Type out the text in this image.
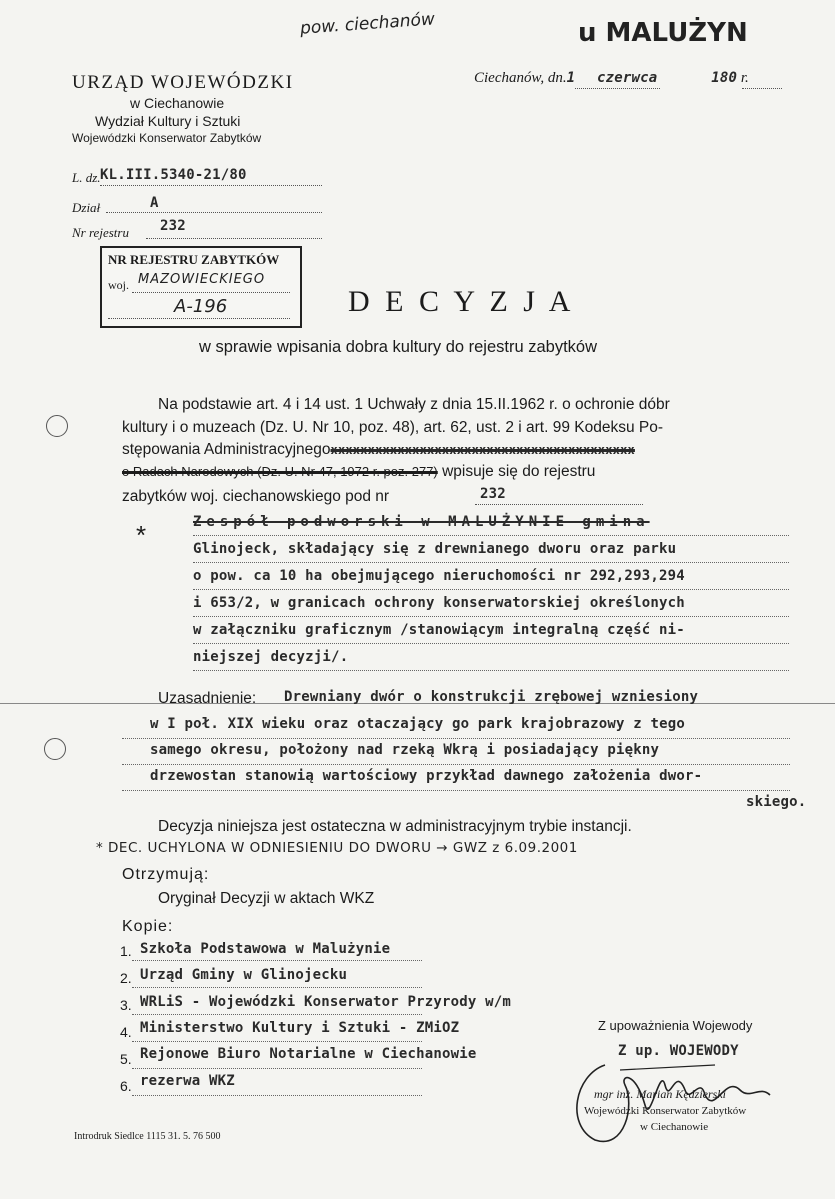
pow. ciechanów	u MALUŻYN
URZĄD WOJEWÓDZKI
w Ciechanowie
Wydział Kultury i Sztuki
Wojewódzki Konserwator Zabytków
Ciechanów, dn.1 czerwca	180 r.
L. dz. KL.III.5340-21/80
Dział	A
Nr rejestru 232
NR REJESTRU ZABYTKÓW
woj. MAZOWIECKIEGO
A-196	D E C Y Z J A
w sprawie wpisania dobra kultury do rejestru zabytków
Na podstawie art. 4 i 14 ust. 1 Uchwały z dnia 15.II.1962 r. o ochronie dóbr
kultury i o muzeach (Dz. U. Nr 10, poz. 48), art. 62, ust. 2 i art. 99 Kodeksu Po-
stępowania Administracyjnegoxxxxxxxxxxxxxxxxxxxxxxxxxxxxxxxxxxxxxxxxx
o Radach Narodowych (Dz. U. Nr 47, 1972 r. poz. 277) wpisuje się do rejestru
zabytków woj. ciechanowskiego pod nr	232
*	Zespół podworski w MALUŻYNIE gmina
Glinojeck, składający się z drewnianego dworu oraz parku
o pow. ca 10 ha obejmującego nieruchomości nr 292,293,294
i 653/2, w granicach ochrony konserwatorskiej określonych
w załączniku graficznym /stanowiącym integralną część ni-
niejszej decyzji/.
Uzasadnienie: Drewniany dwór o konstrukcji zrębowej wzniesiony
w I poł. XIX wieku oraz otaczający go park krajobrazowy z tego
samego okresu, położony nad rzeką Wkrą i posiadający piękny
drzewostan stanowią wartościowy przykład dawnego założenia dwor-
skiego.
Decyzja niniejsza jest ostateczna w administracyjnym trybie instancji.
* DEC. UCHYLONA W ODNIESIENIU DO DWORU → GWZ z 6.09.2001
Otrzymują:
Oryginał Decyzji w aktach WKZ
Kopie:
1. Szkoła Podstawowa w Malużynie
2. Urząd Gminy w Glinojecku
3. WRLiS - Wojewódzki Konserwator Przyrody w/m
4. Ministerstwo Kultury i Sztuki - ZMiOZ
5. Rejonowe Biuro Notarialne w Ciechanowie
6. rezerwa WKZ
Z upoważnienia Wojewody
Z up. WOJEWODY
mgr inż. Marian Kędzierski
Wojewódzki Konserwator Zabytków
w Ciechanowie
Introdruk Siedlce 1115 31. 5. 76 500
